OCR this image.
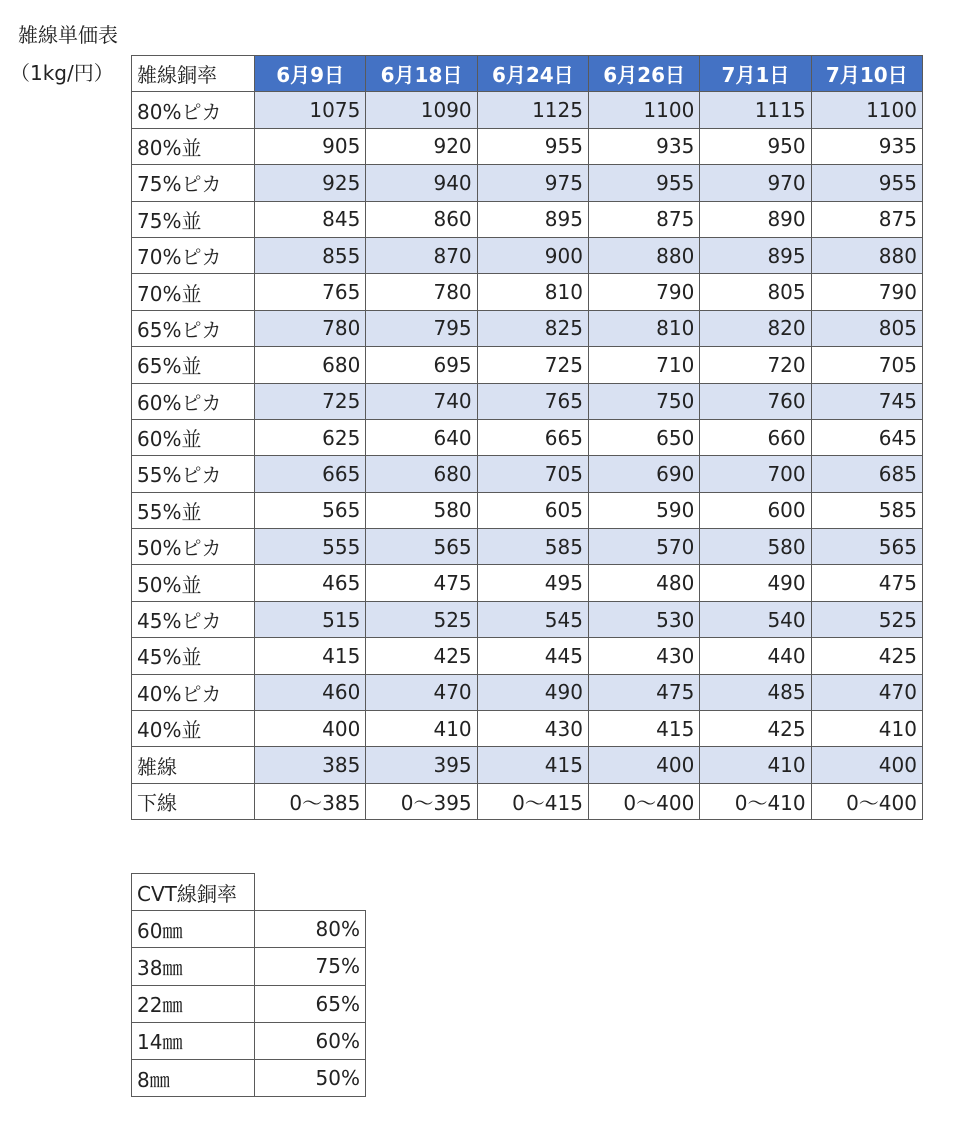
雑線単価表
（1kg/円） 雑線銅率	6月9日	6月18日	6月24日	6月26日	7月1日	7月10日
80%ピカ	1075	1090	1125	1100	1115	1100
80%並	905	920	955	935	950	935
75%ピカ	925	940	975	955	970	955
75%並	845	860	895	875	890	875
70%ピカ	855	870	900	880	895	880
70%並	765	780	810	790	805	790
65%ピカ	780	795	825	810	820	805
65%並	680	695	725	710	720	705
60%ピカ	725	740	765	750	760	745
60%並	625	640	665	650	660	645
55%ピカ	665	680	705	690	700	685
55%並	565	580	605	590	600	585
50%ピカ	555	565	585	570	580	565
50%並	465	475	495	480	490	475
45%ピカ	515	525	545	530	540	525
45%並	415	425	445	430	440	425
40%ピカ	460	470	490	475	485	470
40%並	400	410	430	415	425	410
雑線	385	395	415	400	410	400
下線	0～385	0～395	0～415	0～400	0～410	0～400
CVT線銅率	
60㎜	80%
38㎜	75%
22㎜	65%
14㎜	60%
8㎜	50%
